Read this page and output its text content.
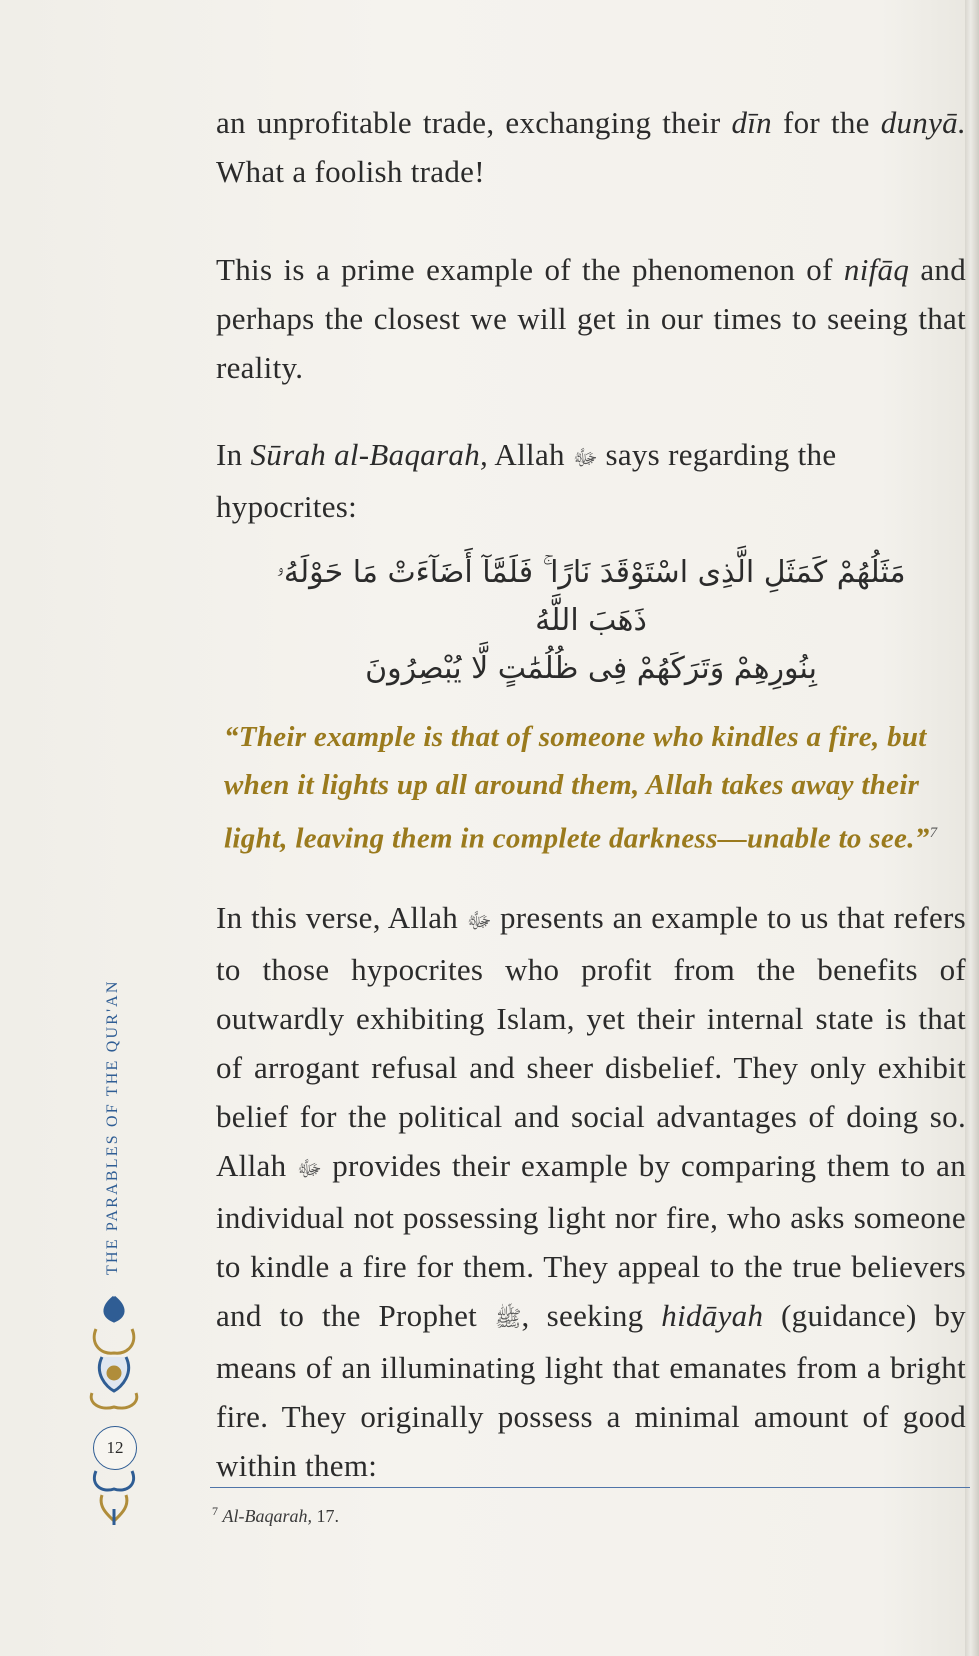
an unprofitable trade, exchanging their dīn for the dunyā. What a foolish trade!

This is a prime example of the phenomenon of nifāq and perhaps the closest we will get in our times to seeing that reality.

In Sūrah al-Baqarah, Allah ﷻ says regarding the hypocrites:

مَثَلُهُمْ كَمَثَلِ الَّذِى اسْتَوْقَدَ نَارًا ۚ فَلَمَّآ أَضَآءَتْ مَا حَوْلَهُۥ ذَهَبَ اللَّهُ
بِنُورِهِمْ وَتَرَكَهُمْ فِى ظُلُمَٰتٍ لَّا يُبْصِرُونَ

“Their example is that of someone who kindles a fire, but when it lights up all around them, Allah takes away their light, leaving them in complete darkness—unable to see.”$^7$

In this verse, Allah ﷻ presents an example to us that refers to those hypocrites who profit from the benefits of outwardly exhibiting Islam, yet their internal state is that of arrogant refusal and sheer disbelief. They only exhibit belief for the political and social advantages of doing so. Allah ﷻ provides their example by comparing them to an individual not possessing light nor fire, who asks someone to kindle a fire for them. They appeal to the true believers and to the Prophet ﷺ, seeking hidāyah (guidance) by means of an illuminating light that emanates from a bright fire. They originally possess a minimal amount of good within them:

$^7$ Al-Baqarah, 17.
THE PARABLES OF THE QUR'AN
12
